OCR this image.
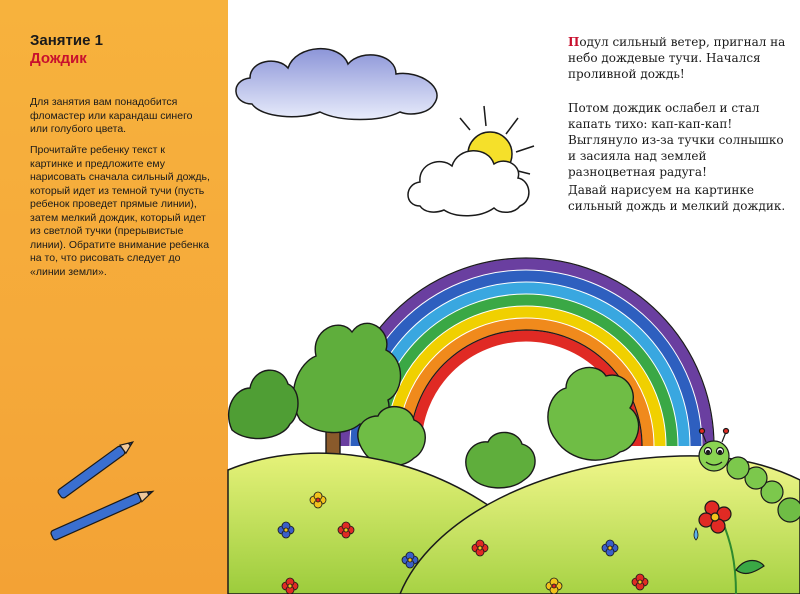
Занятие 1
Дождик

Для занятия вам понадобится фломастер или карандаш синего или голубого цвета.

Прочитайте ребенку текст к картинке и предложите ему нарисовать сначала сильный дождь, который идет из темной тучи (пусть ребенок проведет прямые линии), затем мелкий дождик, который идет из светлой тучки (прерывистые линии). Обратите внимание ребенка на то, что рисовать следует до «линии земли».

Подул сильный ветер, пригнал на небо дождевые тучи. Начался проливной дождь!

Потом дождик ослабел и стал капать тихо: кап-кап-кап! Выглянуло из-за тучки солнышко и засияла над землей разноцветная радуга!

Давай нарисуем на картинке сильный дождь и мелкий дождик.
